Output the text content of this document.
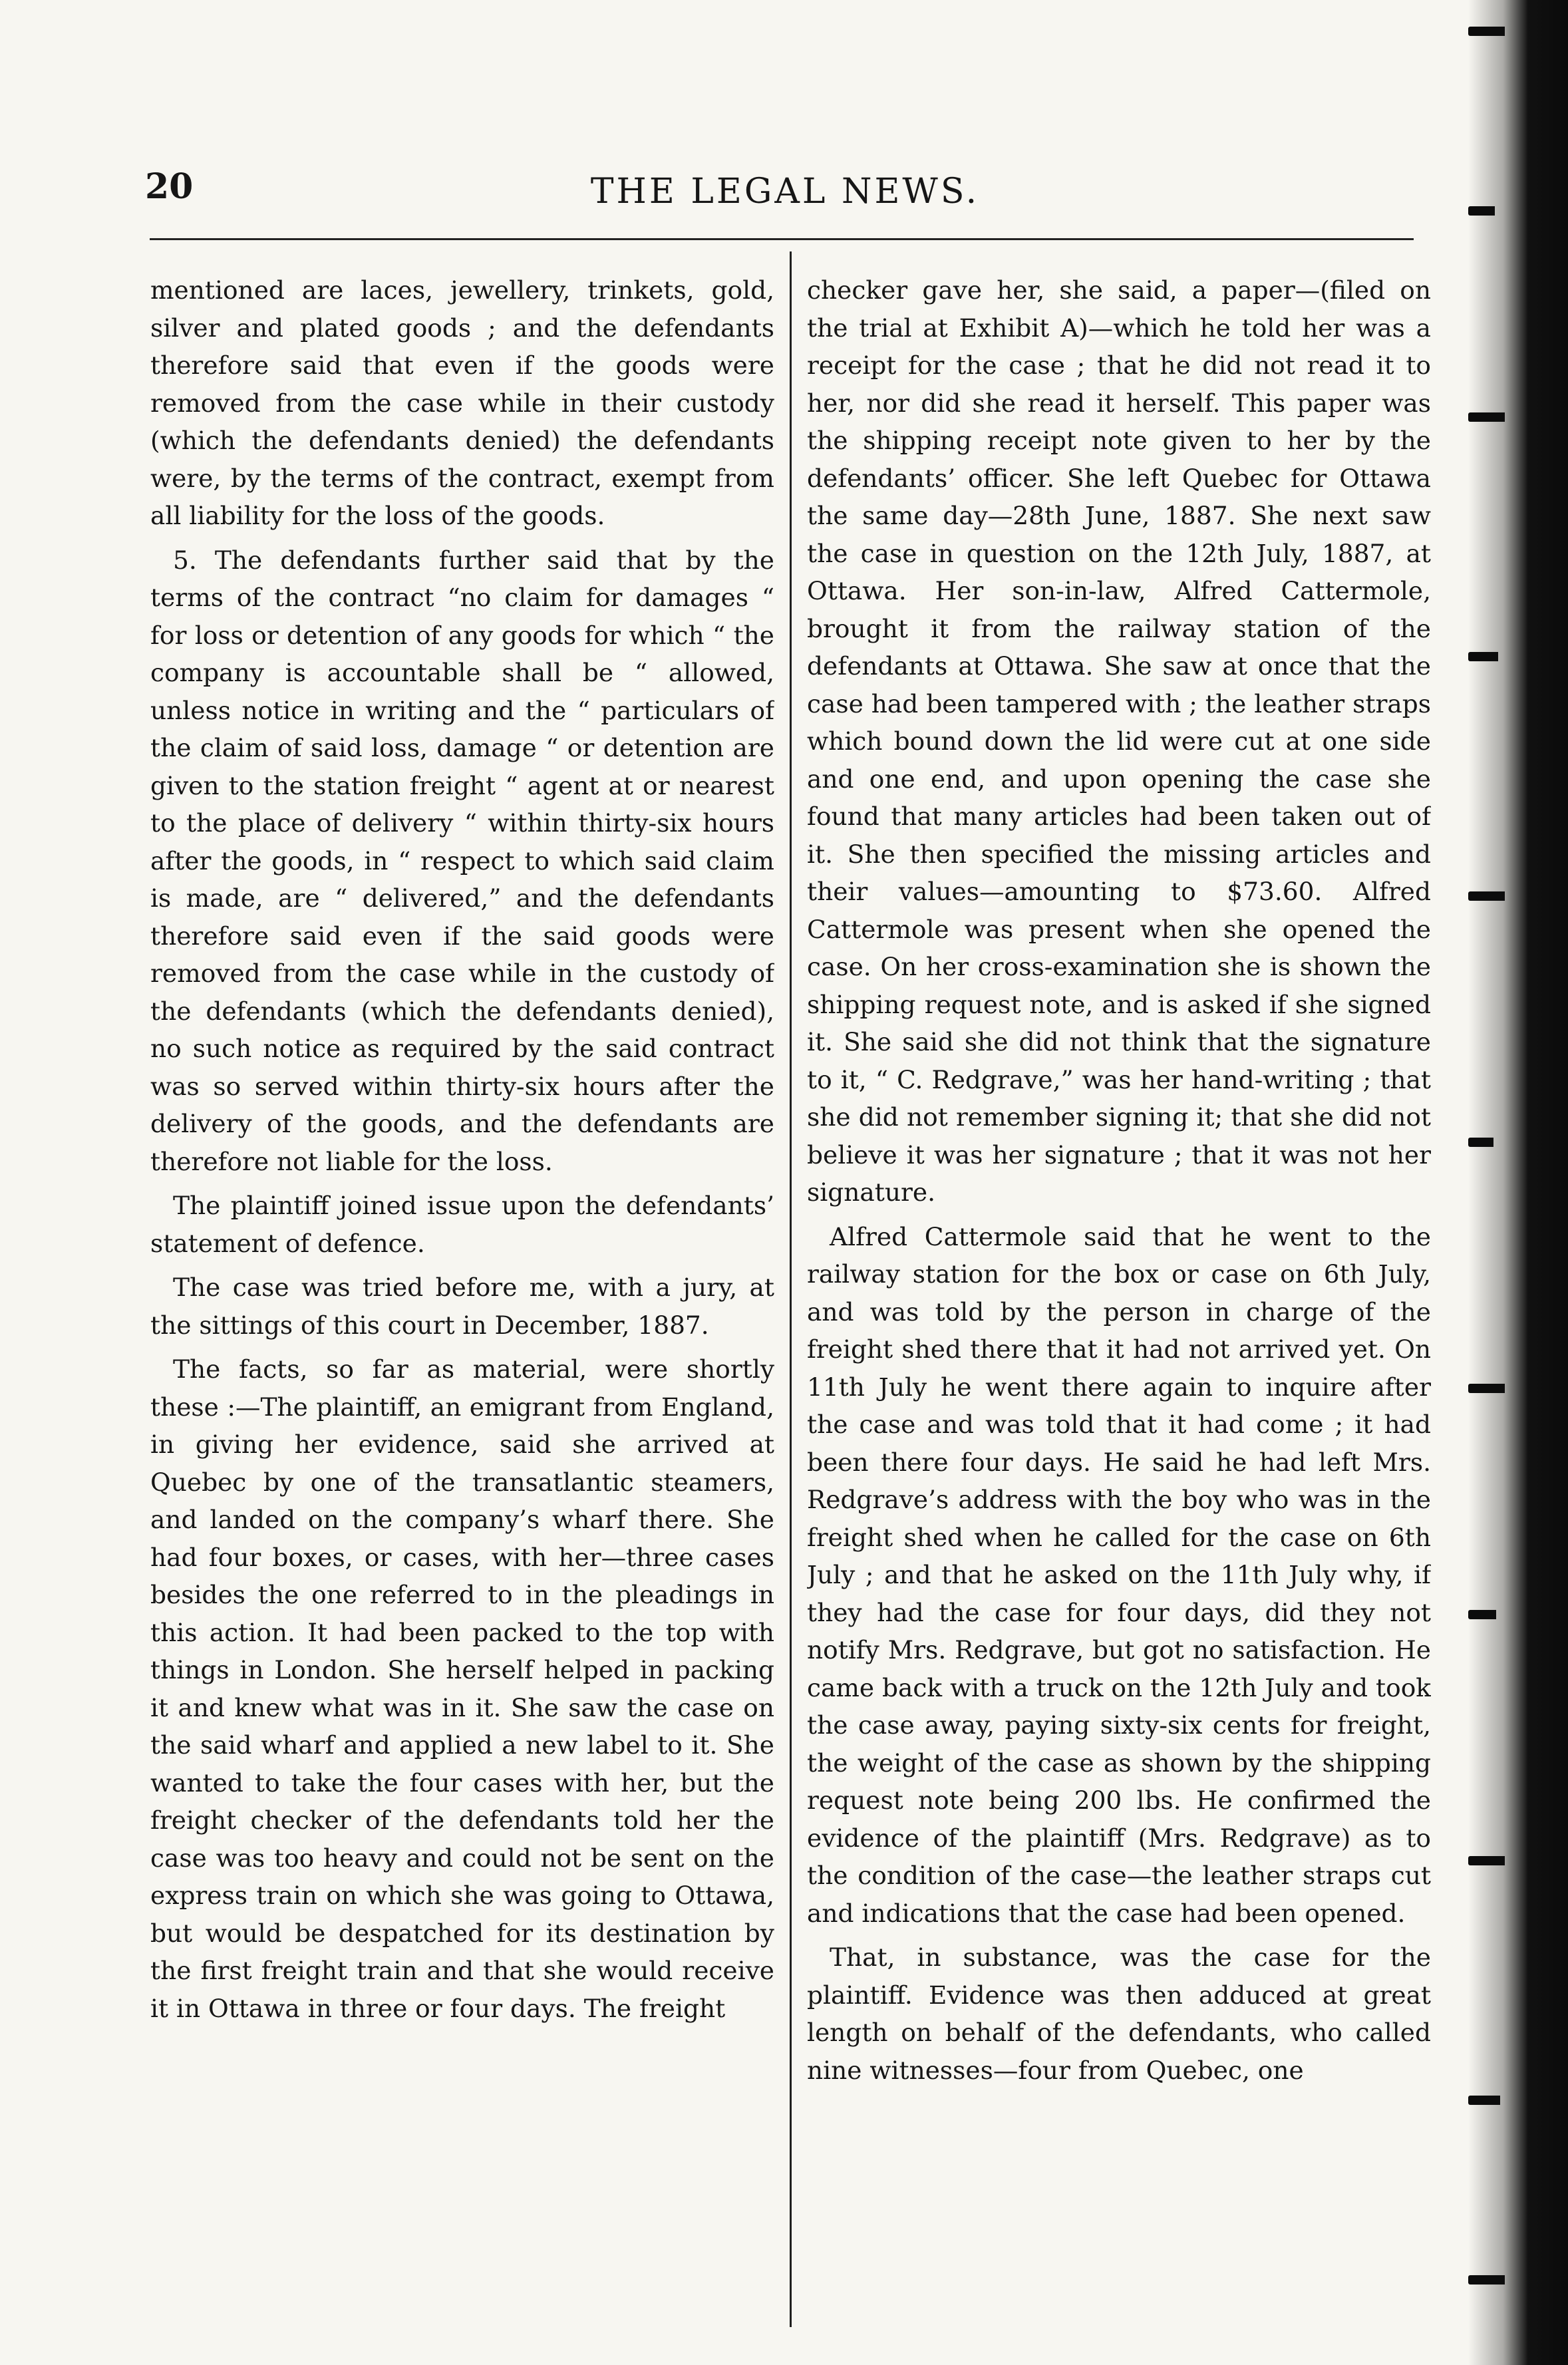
20	THE LEGAL NEWS.

mentioned are laces, jewellery, trinkets, gold, silver and plated goods ; and the defendants therefore said that even if the goods were removed from the case while in their custody (which the defendants denied) the defendants were, by the terms of the contract, exempt from all liability for the loss of the goods.

5. The defendants further said that by the terms of the contract “no claim for damages “ for loss or detention of any goods for which “ the company is accountable shall be “ allowed, unless notice in writing and the “ particulars of the claim of said loss, damage “ or detention are given to the station freight “ agent at or nearest to the place of delivery “ within thirty-six hours after the goods, in “ respect to which said claim is made, are “ delivered,” and the defendants therefore said even if the said goods were removed from the case while in the custody of the defendants (which the defendants denied), no such notice as required by the said contract was so served within thirty-six hours after the delivery of the goods, and the defendants are therefore not liable for the loss.

The plaintiff joined issue upon the defendants’ statement of defence.

The case was tried before me, with a jury, at the sittings of this court in December, 1887.

The facts, so far as material, were shortly these :—The plaintiff, an emigrant from England, in giving her evidence, said she arrived at Quebec by one of the transatlantic steamers, and landed on the company’s wharf there. She had four boxes, or cases, with her—three cases besides the one referred to in the pleadings in this action. It had been packed to the top with things in London. She herself helped in packing it and knew what was in it. She saw the case on the said wharf and applied a new label to it. She wanted to take the four cases with her, but the freight checker of the defendants told her the case was too heavy and could not be sent on the express train on which she was going to Ottawa, but would be despatched for its destination by the first freight train and that she would receive it in Ottawa in three or four days. The freight

checker gave her, she said, a paper—(filed on the trial at Exhibit A)—which he told her was a receipt for the case ; that he did not read it to her, nor did she read it herself. This paper was the shipping receipt note given to her by the defendants’ officer. She left Quebec for Ottawa the same day—28th June, 1887. She next saw the case in question on the 12th July, 1887, at Ottawa. Her son-in-law, Alfred Cattermole, brought it from the railway station of the defendants at Ottawa. She saw at once that the case had been tampered with ; the leather straps which bound down the lid were cut at one side and one end, and upon opening the case she found that many articles had been taken out of it. She then specified the missing articles and their values—amounting to $73.60. Alfred Cattermole was present when she opened the case. On her cross-examination she is shown the shipping request note, and is asked if she signed it. She said she did not think that the signature to it, “ C. Redgrave,” was her hand-writing ; that she did not remember signing it; that she did not believe it was her signature ; that it was not her signature.

Alfred Cattermole said that he went to the railway station for the box or case on 6th July, and was told by the person in charge of the freight shed there that it had not arrived yet. On 11th July he went there again to inquire after the case and was told that it had come ; it had been there four days. He said he had left Mrs. Redgrave’s address with the boy who was in the freight shed when he called for the case on 6th July ; and that he asked on the 11th July why, if they had the case for four days, did they not notify Mrs. Redgrave, but got no satisfaction. He came back with a truck on the 12th July and took the case away, paying sixty-six cents for freight, the weight of the case as shown by the shipping request note being 200 lbs. He confirmed the evidence of the plaintiff (Mrs. Redgrave) as to the condition of the case—the leather straps cut and indications that the case had been opened.

That, in substance, was the case for the plaintiff. Evidence was then adduced at great length on behalf of the defendants, who called nine witnesses—four from Quebec, one
